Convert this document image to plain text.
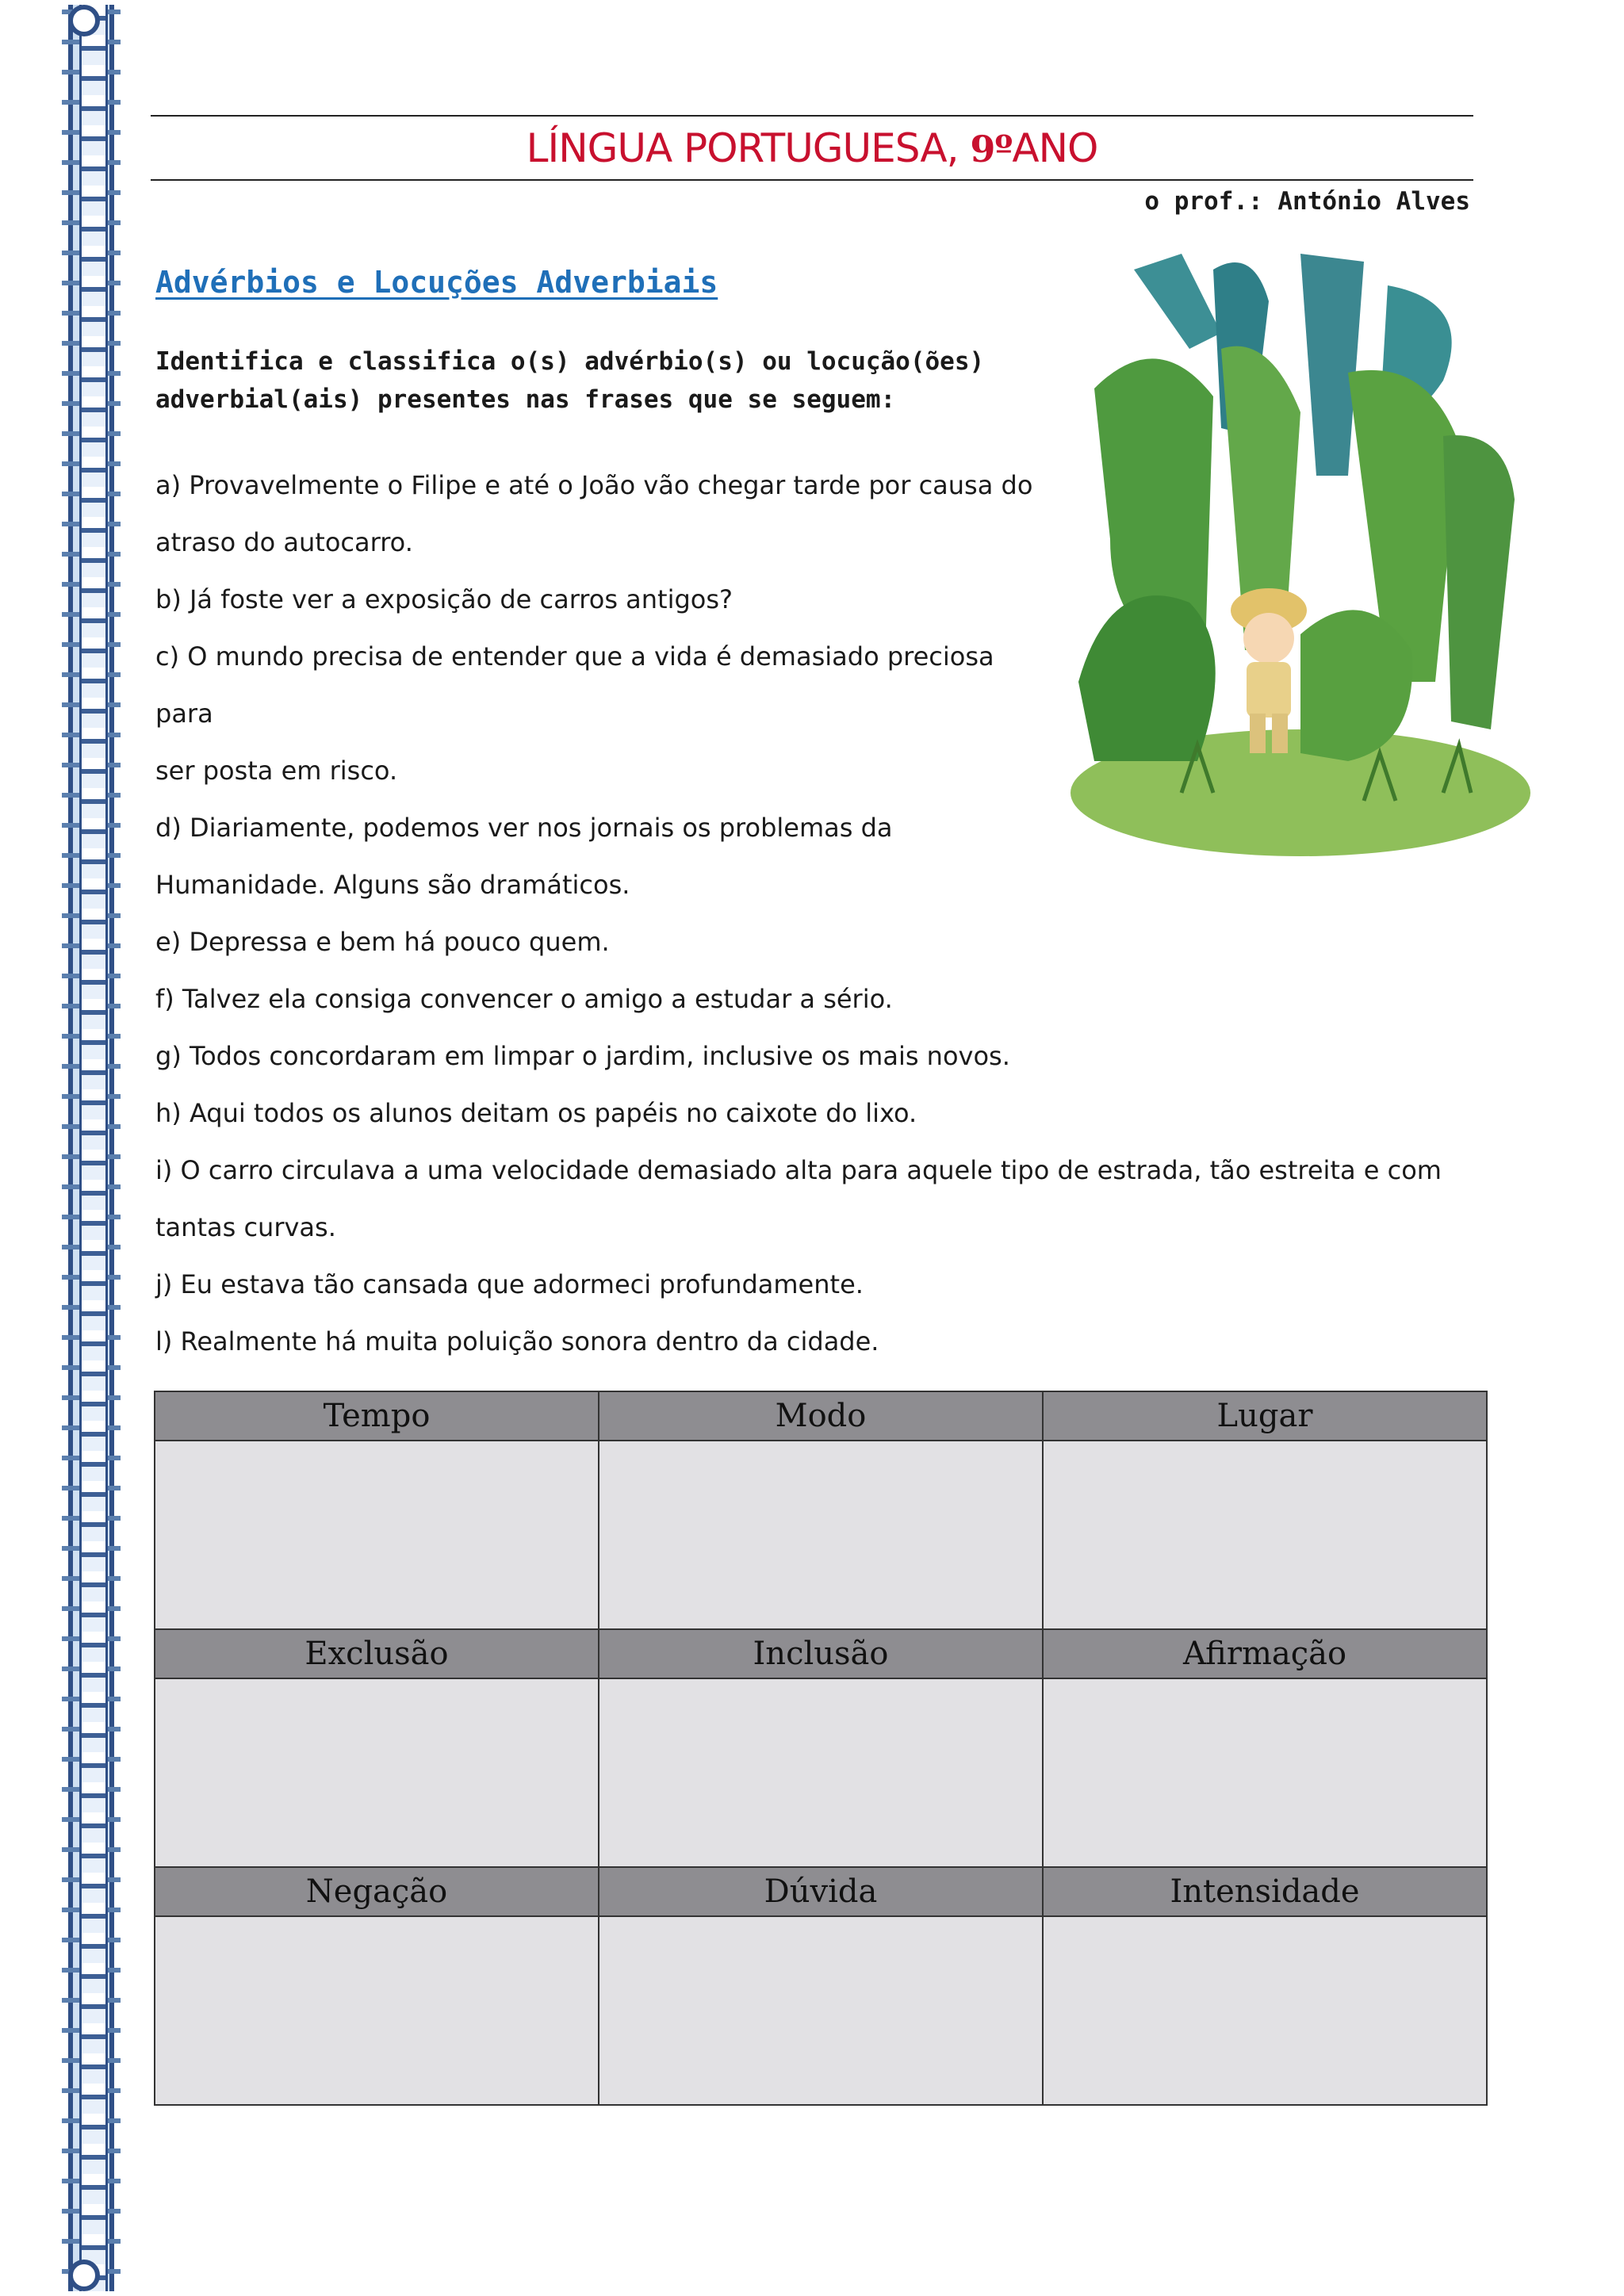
LÍNGUA PORTUGUESA, 9ºANO
o prof.: António Alves
Advérbios e Locuções Adverbiais
Identifica e classifica o(s) advérbio(s) ou locução(ões)
adverbial(ais) presentes nas frases que se seguem:
a) Provavelmente o Filipe e até o João vão chegar tarde por causa do
atraso do autocarro.
b) Já foste ver a exposição de carros antigos?
c) O mundo precisa de entender que a vida é demasiado preciosa para
ser posta em risco.
d) Diariamente, podemos ver nos jornais os problemas da
Humanidade. Alguns são dramáticos.
e) Depressa e bem há pouco quem.
f) Talvez ela consiga convencer o amigo a estudar a sério.
g) Todos concordaram em limpar o jardim, inclusive os mais novos.
h) Aqui todos os alunos deitam os papéis no caixote do lixo.
i) O carro circulava a uma velocidade demasiado alta para aquele tipo de estrada, tão estreita e com
tantas curvas.
j) Eu estava tão cansada que adormeci profundamente.
l) Realmente há muita poluição sonora dentro da cidade.
Tempo	Modo	Lugar

Exclusão	Inclusão	Afirmação

Negação	Dúvida	Intensidade
